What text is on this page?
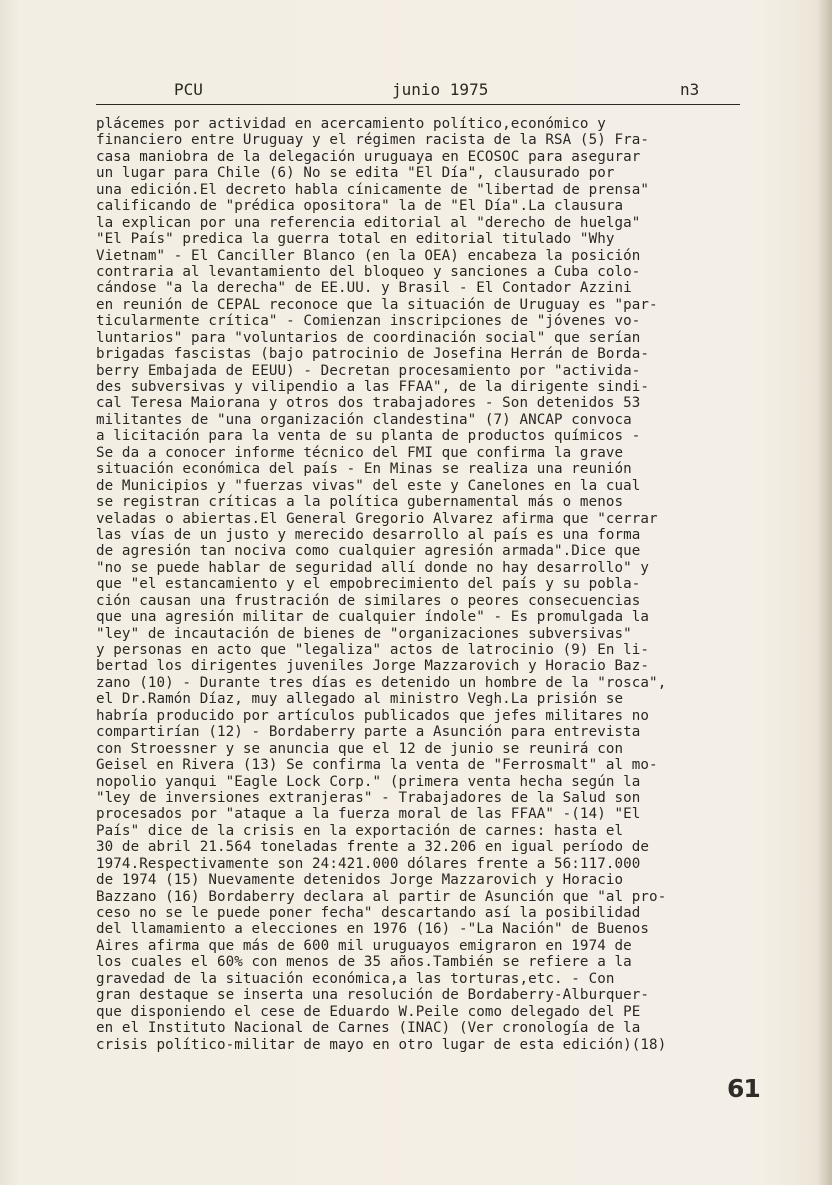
PCU	junio 1975	n3
plácemes por actividad en acercamiento político,económico y
financiero entre Uruguay y el régimen racista de la RSA (5) Fra-
casa maniobra de la delegación uruguaya en ECOSOC para asegurar
un lugar para Chile (6) No se edita "El Día", clausurado por
una edición.El decreto habla cínicamente de "libertad de prensa"
calificando de "prédica opositora" la de "El Día".La clausura
la explican por una referencia editorial al "derecho de huelga"
"El País" predica la guerra total en editorial titulado "Why
Vietnam" - El Canciller Blanco (en la OEA) encabeza la posición
contraria al levantamiento del bloqueo y sanciones a Cuba colo-
cándose "a la derecha" de EE.UU. y Brasil - El Contador Azzini
en reunión de CEPAL reconoce que la situación de Uruguay es "par-
ticularmente crítica" - Comienzan inscripciones de "jóvenes vo-
luntarios" para "voluntarios de coordinación social" que serían
brigadas fascistas (bajo patrocinio de Josefina Herrán de Borda-
berry Embajada de EEUU) - Decretan procesamiento por "activida-
des subversivas y vilipendio a las FFAA", de la dirigente sindi-
cal Teresa Maiorana y otros dos trabajadores - Son detenidos 53
militantes de "una organización clandestina" (7) ANCAP convoca
a licitación para la venta de su planta de productos químicos -
Se da a conocer informe técnico del FMI que confirma la grave
situación económica del país - En Minas se realiza una reunión
de Municipios y "fuerzas vivas" del este y Canelones en la cual
se registran críticas a la política gubernamental más o menos
veladas o abiertas.El General Gregorio Alvarez afirma que "cerrar
las vías de un justo y merecido desarrollo al país es una forma
de agresión tan nociva como cualquier agresión armada".Dice que
"no se puede hablar de seguridad allí donde no hay desarrollo" y
que "el estancamiento y el empobrecimiento del país y su pobla-
ción causan una frustración de similares o peores consecuencias
que una agresión militar de cualquier índole" - Es promulgada la
"ley" de incautación de bienes de "organizaciones subversivas"
y personas en acto que "legaliza" actos de latrocinio (9) En li-
bertad los dirigentes juveniles Jorge Mazzarovich y Horacio Baz-
zano (10) - Durante tres días es detenido un hombre de la "rosca",
el Dr.Ramón Díaz, muy allegado al ministro Vegh.La prisión se
habría producido por artículos publicados que jefes militares no
compartirían (12) - Bordaberry parte a Asunción para entrevista
con Stroessner y se anuncia que el 12 de junio se reunirá con
Geisel en Rivera (13) Se confirma la venta de "Ferrosmalt" al mo-
nopolio yanqui "Eagle Lock Corp." (primera venta hecha según la
"ley de inversiones extranjeras" - Trabajadores de la Salud son
procesados por "ataque a la fuerza moral de las FFAA" -(14) "El
País" dice de la crisis en la exportación de carnes: hasta el
30 de abril 21.564 toneladas frente a 32.206 en igual período de
1974.Respectivamente son 24:421.000 dólares frente a 56:117.000
de 1974 (15) Nuevamente detenidos Jorge Mazzarovich y Horacio
Bazzano (16) Bordaberry declara al partir de Asunción que "al pro-
ceso no se le puede poner fecha" descartando así la posibilidad
del llamamiento a elecciones en 1976 (16) -"La Nación" de Buenos
Aires afirma que más de 600 mil uruguayos emigraron en 1974 de
los cuales el 60% con menos de 35 años.También se refiere a la
gravedad de la situación económica,a las torturas,etc. - Con
gran destaque se inserta una resolución de Bordaberry-Alburquer-
que disponiendo el cese de Eduardo W.Peile como delegado del PE
en el Instituto Nacional de Carnes (INAC) (Ver cronología de la
crisis político-militar de mayo en otro lugar de esta edición)(18)
61
